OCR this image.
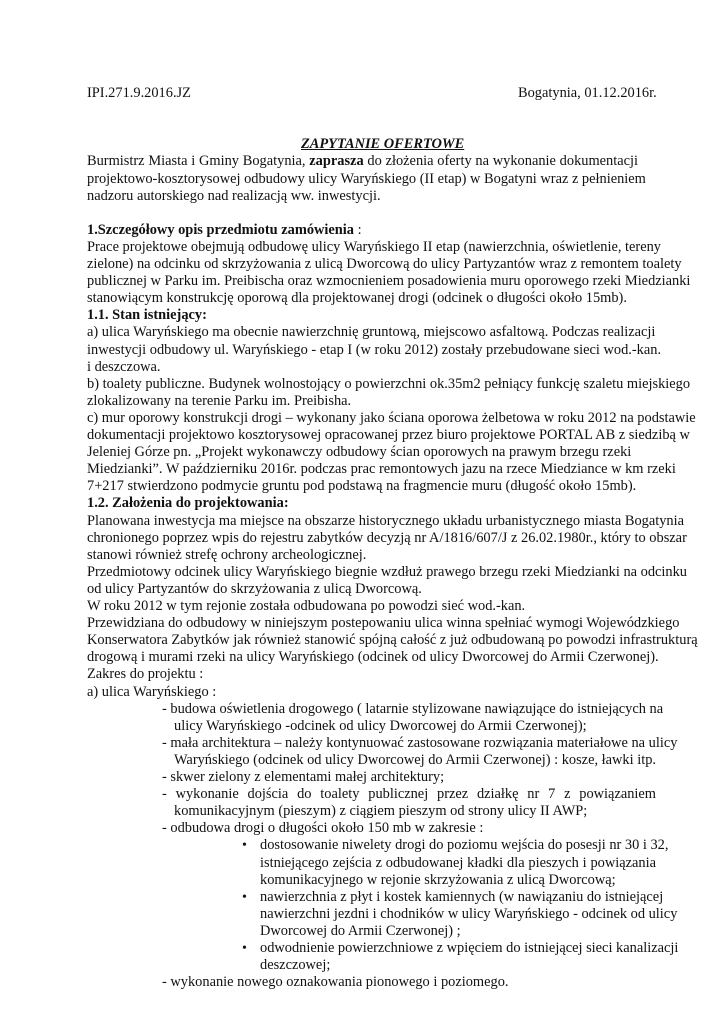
IPI.271.9.2016.JZ	Bogatynia, 01.12.2016r.
ZAPYTANIE OFERTOWE
Burmistrz Miasta i Gminy Bogatynia, zaprasza do złożenia oferty na wykonanie dokumentacji
projektowo-kosztorysowej odbudowy ulicy Waryńskiego (II etap) w Bogatyni wraz z pełnieniem
nadzoru autorskiego nad realizacją ww. inwestycji.
1.Szczegółowy opis przedmiotu zamówienia :
Prace projektowe obejmują odbudowę ulicy Waryńskiego II etap (nawierzchnia, oświetlenie, tereny
zielone) na odcinku od skrzyżowania z ulicą Dworcową do ulicy Partyzantów wraz z remontem toalety
publicznej w Parku im. Preibischa oraz wzmocnieniem posadowienia muru oporowego rzeki Miedzianki
stanowiącym konstrukcję oporową dla projektowanej drogi (odcinek o długości około 15mb).
1.1. Stan istniejący:
a) ulica Waryńskiego ma obecnie nawierzchnię gruntową, miejscowo asfaltową. Podczas realizacji
inwestycji odbudowy ul. Waryńskiego - etap I (w roku 2012) zostały przebudowane sieci wod.-kan.
i deszczowa.
b) toalety publiczne. Budynek wolnostojący o powierzchni ok.35m2 pełniący funkcję szaletu miejskiego
zlokalizowany na terenie Parku im. Preibisha.
c) mur oporowy konstrukcji drogi – wykonany jako ściana oporowa żelbetowa w roku 2012 na podstawie
dokumentacji projektowo kosztorysowej opracowanej przez biuro projektowe PORTAL AB z siedzibą w
Jeleniej Górze pn. „Projekt wykonawczy odbudowy ścian oporowych na prawym brzegu rzeki
Miedzianki”. W październiku 2016r. podczas prac remontowych jazu na rzece Miedziance w km rzeki
7+217 stwierdzono podmycie gruntu pod podstawą na fragmencie muru (długość około 15mb).
1.2. Założenia do projektowania:
Planowana inwestycja ma miejsce na obszarze historycznego układu urbanistycznego miasta Bogatynia
chronionego poprzez wpis do rejestru zabytków decyzją nr A/1816/607/J z 26.02.1980r., który to obszar
stanowi również strefę ochrony archeologicznej.
Przedmiotowy odcinek ulicy Waryńskiego biegnie wzdłuż prawego brzegu rzeki Miedzianki na odcinku
od ulicy Partyzantów do skrzyżowania z ulicą Dworcową.
W roku 2012 w tym rejonie została odbudowana po powodzi sieć wod.-kan.
Przewidziana do odbudowy w niniejszym postepowaniu ulica winna spełniać wymogi Wojewódzkiego
Konserwatora Zabytków jak również stanowić spójną całość z już odbudowaną po powodzi infrastrukturą
drogową i murami rzeki na ulicy Waryńskiego (odcinek od ulicy Dworcowej do Armii Czerwonej).
Zakres do projektu :
a) ulica Waryńskiego :
- budowa oświetlenia drogowego ( latarnie stylizowane nawiązujące do istniejących na
ulicy Waryńskiego -odcinek od ulicy Dworcowej do Armii Czerwonej);
- mała architektura – należy kontynuować zastosowane rozwiązania materiałowe na ulicy
Waryńskiego (odcinek od ulicy Dworcowej do Armii Czerwonej) : kosze, ławki itp.
- skwer zielony z elementami małej architektury;
- wykonanie dojścia do toalety publicznej przez działkę nr 7 z powiązaniem
komunikacyjnym (pieszym) z ciągiem pieszym od strony ulicy II AWP;
- odbudowa drogi o długości około 150 mb w zakresie :
• dostosowanie niwelety drogi do poziomu wejścia do posesji nr 30 i 32,
istniejącego zejścia z odbudowanej kładki dla pieszych i powiązania
komunikacyjnego w rejonie skrzyżowania z ulicą Dworcową;
• nawierzchnia z płyt i kostek kamiennych (w nawiązaniu do istniejącej
nawierzchni jezdni i chodników w ulicy Waryńskiego - odcinek od ulicy
Dworcowej do Armii Czerwonej) ;
• odwodnienie powierzchniowe z wpięciem do istniejącej sieci kanalizacji
deszczowej;
- wykonanie nowego oznakowania pionowego i poziomego.
